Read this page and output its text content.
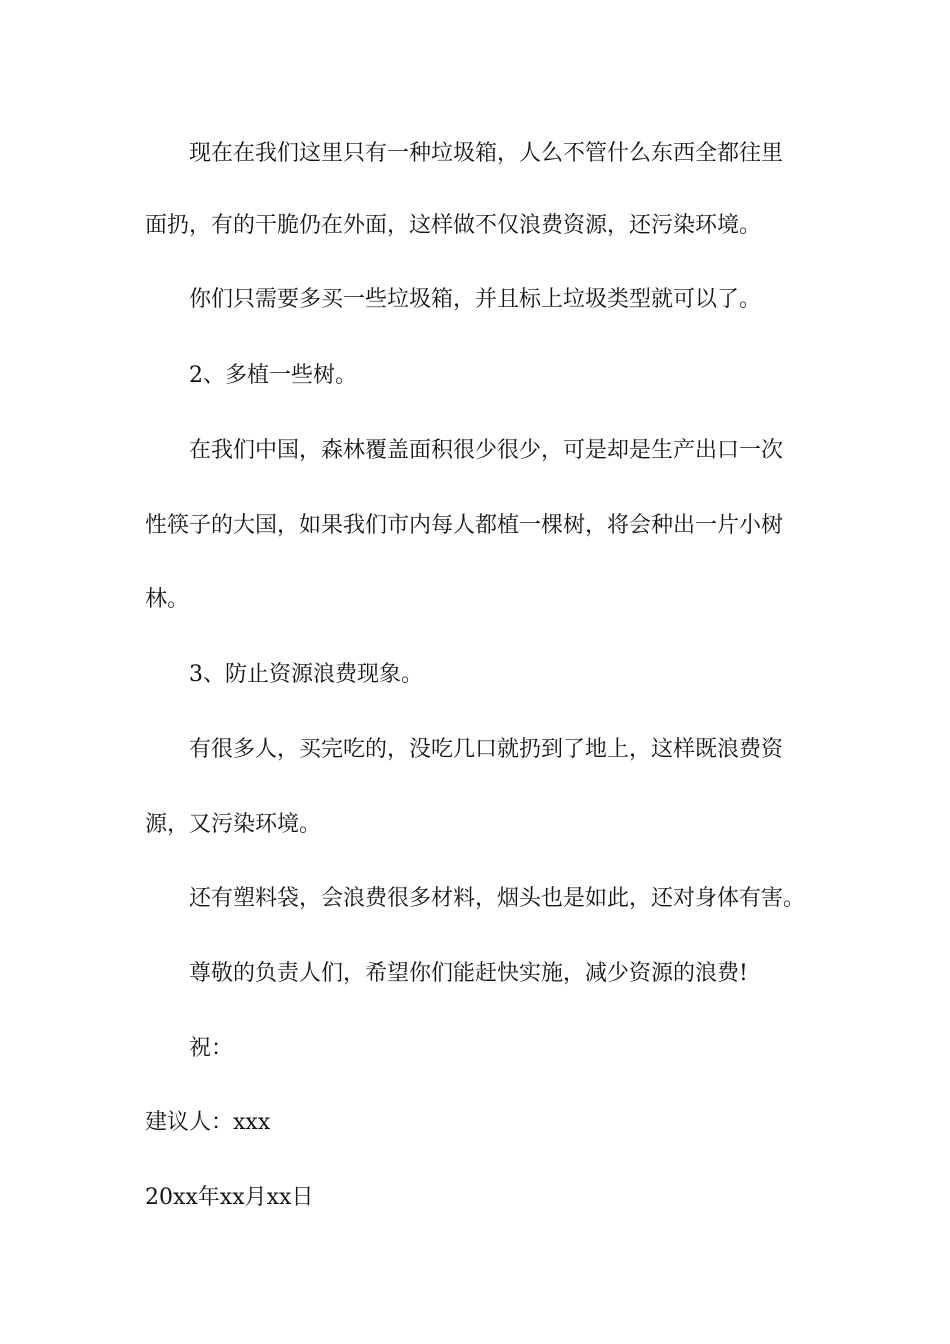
现在在我们这里只有一种垃圾箱，人么不管什么东西全都往里
面扔，有的干脆仍在外面，这样做不仅浪费资源，还污染环境。
你们只需要多买一些垃圾箱，并且标上垃圾类型就可以了。
2、多植一些树。
在我们中国，森林覆盖面积很少很少，可是却是生产出口一次
性筷子的大国，如果我们市内每人都植一棵树，将会种出一片小树
林。
3、防止资源浪费现象。
有很多人，买完吃的，没吃几口就扔到了地上，这样既浪费资
源，又污染环境。
还有塑料袋，会浪费很多材料，烟头也是如此，还对身体有害。
尊敬的负责人们，希望你们能赶快实施，减少资源的浪费!
祝：
建议人：xxx
20xx年xx月xx日
